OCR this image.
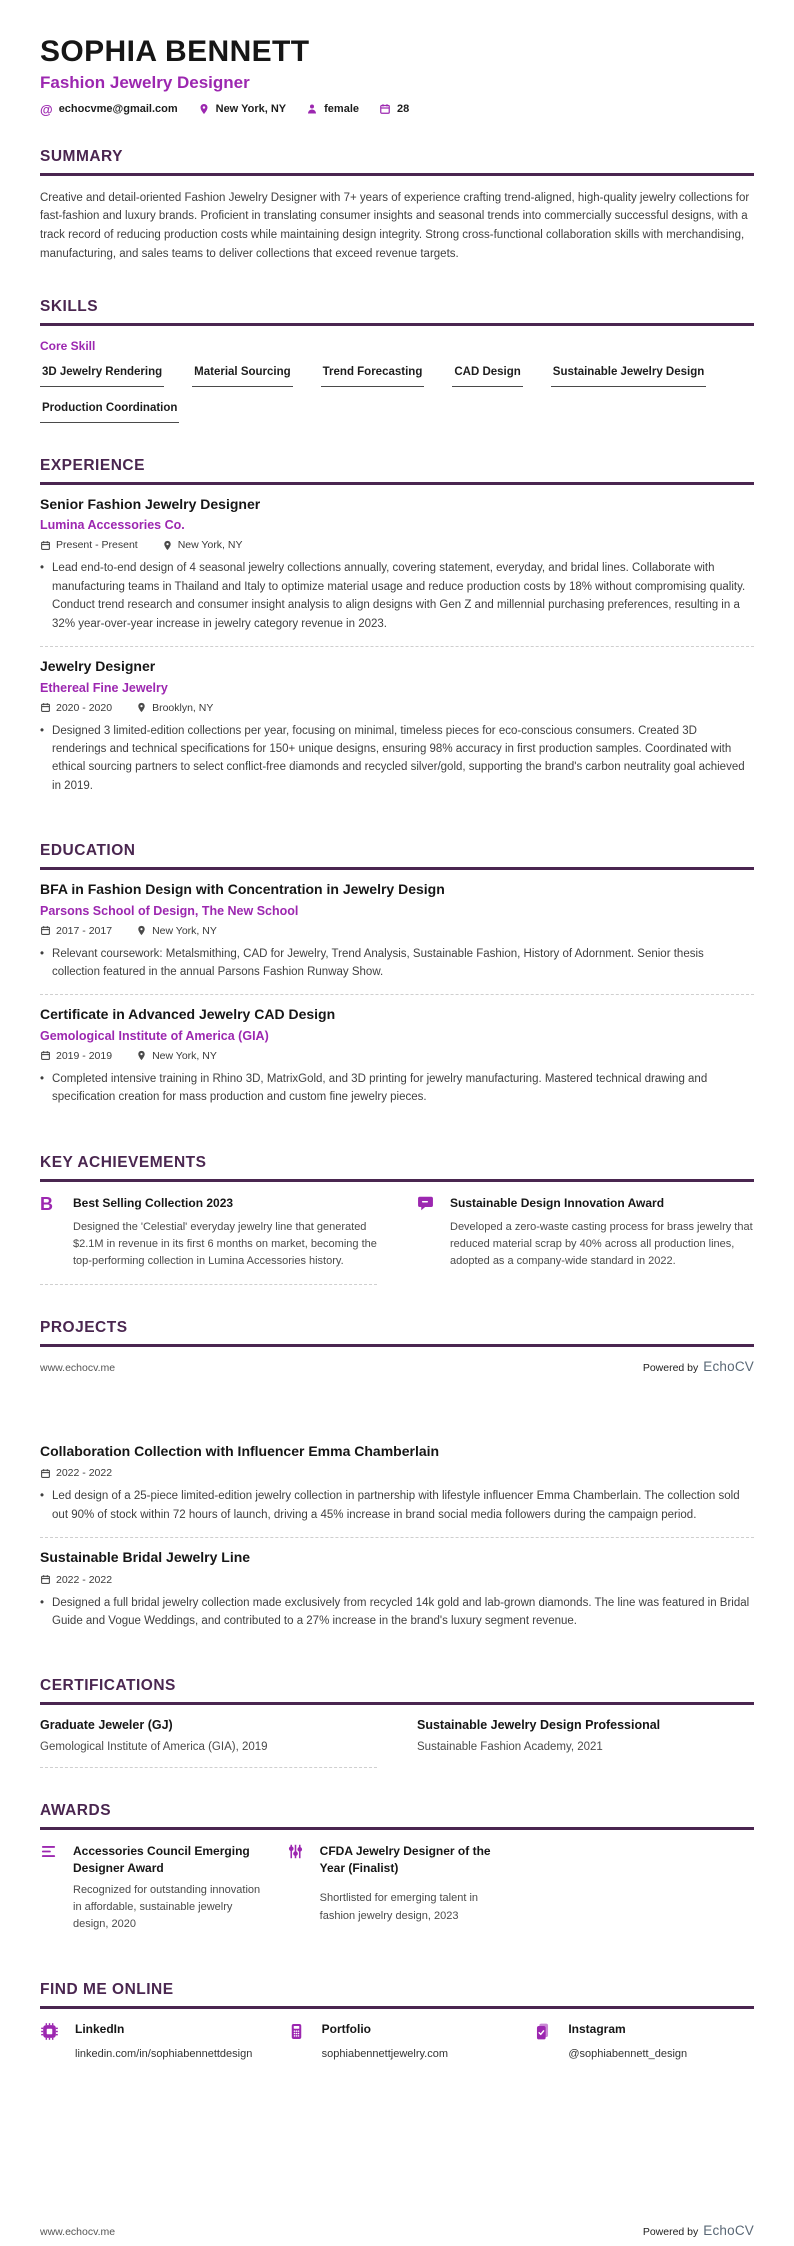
SOPHIA BENNETT
Fashion Jewelry Designer
@ echocvme@gmail.com	New York, NY	female	28
SUMMARY

Creative and detail-oriented Fashion Jewelry Designer with 7+ years of experience crafting trend-aligned, high-quality jewelry collections for fast-fashion and luxury brands. Proficient in translating consumer insights and seasonal trends into commercially successful designs, with a track record of reducing production costs while maintaining design integrity. Strong cross-functional collaboration skills with merchandising, manufacturing, and sales teams to deliver collections that exceed revenue targets.

SKILLS
Core Skill
3D Jewelry Rendering	Material Sourcing	Trend Forecasting	CAD Design	Sustainable Jewelry Design
Production Coordination
EXPERIENCE
Senior Fashion Jewelry Designer
Lumina Accessories Co.
Present - Present	New York, NY
• Lead end-to-end design of 4 seasonal jewelry collections annually, covering statement, everyday, and bridal lines. Collaborate with manufacturing teams in Thailand and Italy to optimize material usage and reduce production costs by 18% without compromising quality. Conduct trend research and consumer insight analysis to align designs with Gen Z and millennial purchasing preferences, resulting in a 32% year-over-year increase in jewelry category revenue in 2023.
Jewelry Designer
Ethereal Fine Jewelry
2020 - 2020	Brooklyn, NY
• Designed 3 limited-edition collections per year, focusing on minimal, timeless pieces for eco-conscious consumers. Created 3D renderings and technical specifications for 150+ unique designs, ensuring 98% accuracy in first production samples. Coordinated with ethical sourcing partners to select conflict-free diamonds and recycled silver/gold, supporting the brand's carbon neutrality goal achieved in 2019.
EDUCATION
BFA in Fashion Design with Concentration in Jewelry Design
Parsons School of Design, The New School
2017 - 2017	New York, NY
• Relevant coursework: Metalsmithing, CAD for Jewelry, Trend Analysis, Sustainable Fashion, History of Adornment. Senior thesis collection featured in the annual Parsons Fashion Runway Show.
Certificate in Advanced Jewelry CAD Design
Gemological Institute of America (GIA)
2019 - 2019	New York, NY
• Completed intensive training in Rhino 3D, MatrixGold, and 3D printing for jewelry manufacturing. Mastered technical drawing and specification creation for mass production and custom fine jewelry pieces.
KEY ACHIEVEMENTS
B	Best Selling Collection 2023
Designed the 'Celestial' everyday jewelry line that generated $2.1M in revenue in its first 6 months on market, becoming the top-performing collection in Lumina Accessories history.
Sustainable Design Innovation Award
Developed a zero-waste casting process for brass jewelry that reduced material scrap by 40% across all production lines, adopted as a company-wide standard in 2022.
PROJECTS
www.echocv.me	Powered by EchoCV
Collaboration Collection with Influencer Emma Chamberlain
2022 - 2022
• Led design of a 25-piece limited-edition jewelry collection in partnership with lifestyle influencer Emma Chamberlain. The collection sold out 90% of stock within 72 hours of launch, driving a 45% increase in brand social media followers during the campaign period.
Sustainable Bridal Jewelry Line
2022 - 2022
• Designed a full bridal jewelry collection made exclusively from recycled 14k gold and lab-grown diamonds. The line was featured in Bridal Guide and Vogue Weddings, and contributed to a 27% increase in the brand's luxury segment revenue.
CERTIFICATIONS
Graduate Jeweler (GJ)
Gemological Institute of America (GIA), 2019
Sustainable Jewelry Design Professional
Sustainable Fashion Academy, 2021
AWARDS
Accessories Council Emerging Designer Award
Recognized for outstanding innovation in affordable, sustainable jewelry design, 2020
CFDA Jewelry Designer of the Year (Finalist)
Shortlisted for emerging talent in fashion jewelry design, 2023
FIND ME ONLINE
LinkedIn
linkedin.com/in/sophiabennettdesign
Portfolio
sophiabennettjewelry.com
Instagram
@sophiabennett_design
www.echocv.me	Powered by EchoCV
